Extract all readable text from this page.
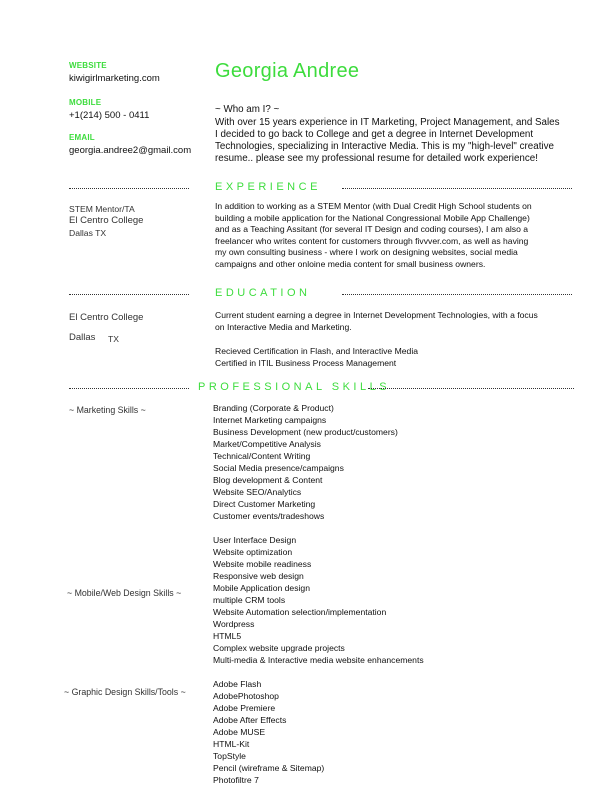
WEBSITE
kiwigirlmarketing.com
MOBILE
+1(214) 500 - 0411
EMAIL
georgia.andree2@gmail.com
Georgia Andree
~ Who am I? ~
With over 15 years experience in IT Marketing, Project Management, and Sales
I decided to go back to College and get a degree in Internet Development
Technologies, specializing in Interactive Media. This is my "high-level" creative
resume.. please see my professional resume for detailed work experience!
EXPERIENCE
STEM Mentor/TA
El Centro College
Dallas TX
In addition to working as a STEM Mentor (with Dual Credit High School students on
building a mobile application for the National Congressional Mobile App Challenge)
and as a Teaching Assitant (for several IT Design and coding courses), I am also a
freelancer who writes content for customers through fivvver.com, as well as having
my own consulting business - where I work on designing websites, social media
campaigns and other onloine media content for small business owners.
EDUCATION
El Centro College
Dallas TX
Current student earning a degree in Internet Development Technologies, with a focus
on Interactive Media and Marketing.
Recieved Certification in Flash, and Interactive Media
Certified in ITIL Business Process Management
PROFESSIONAL SKILLS
~ Marketing Skills ~	Branding (Corporate & Product)
Internet Marketing campaigns
Business Development (new product/customers)
Market/Competitive Analysis
Technical/Content Writing
Social Media presence/campaigns
Blog development & Content
Website SEO/Analytics
Direct Customer Marketing
Customer events/tradeshows
~ Mobile/Web Design Skills ~
User Interface Design
Website optimization
Website mobile readiness
Responsive web design
Mobile Application design
multiple CRM tools
Website Automation selection/implementation
Wordpress
HTML5
Complex website upgrade projects
Multi-media & Interactive media website enhancements
~ Graphic Design Skills/Tools ~
Adobe Flash
AdobePhotoshop
Adobe Premiere
Adobe After Effects
Adobe MUSE
HTML-Kit
TopStyle
Pencil (wireframe & Sitemap)
Photofiltre 7
